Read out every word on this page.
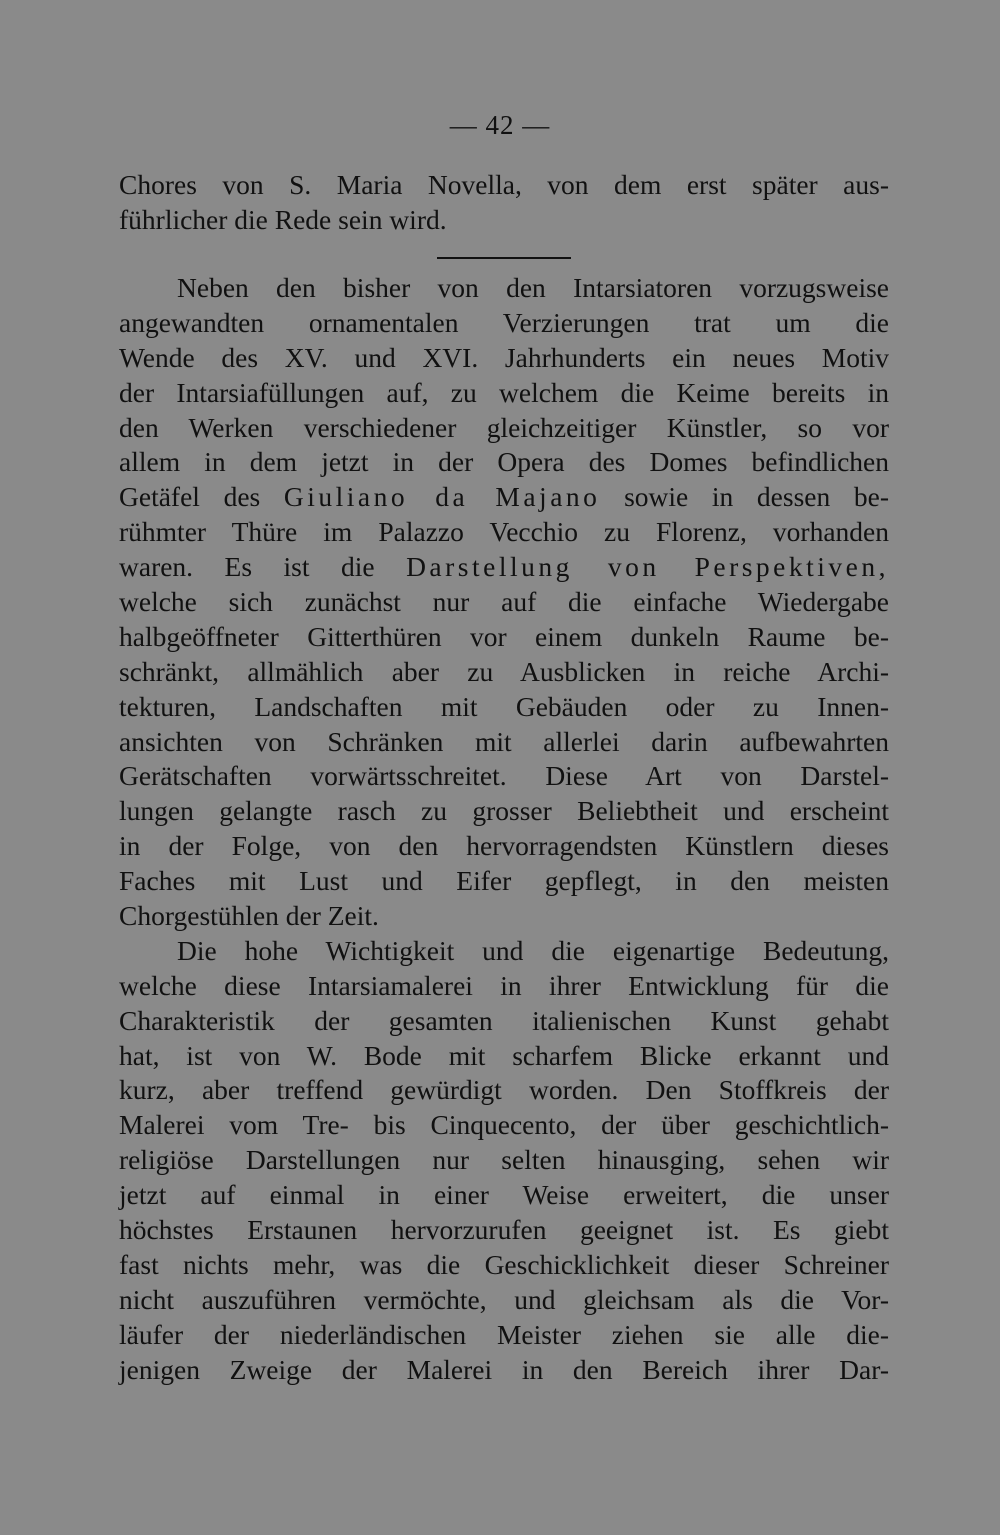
— 42 —
Chores von S. Maria Novella, von dem erst später aus-
führlicher die Rede sein wird.
Neben den bisher von den Intarsiatoren vorzugsweise
angewandten ornamentalen Verzierungen trat um die
Wende des XV. und XVI. Jahrhunderts ein neues Motiv
der Intarsiafüllungen auf, zu welchem die Keime bereits in
den Werken verschiedener gleichzeitiger Künstler, so vor
allem in dem jetzt in der Opera des Domes befindlichen
Getäfel des Giuliano da Majano sowie in dessen be-
rühmter Thüre im Palazzo Vecchio zu Florenz, vorhanden
waren. Es ist die Darstellung von Perspektiven,
welche sich zunächst nur auf die einfache Wiedergabe
halbgeöffneter Gitterthüren vor einem dunkeln Raume be-
schränkt, allmählich aber zu Ausblicken in reiche Archi-
tekturen, Landschaften mit Gebäuden oder zu Innen-
ansichten von Schränken mit allerlei darin aufbewahrten
Gerätschaften vorwärtsschreitet. Diese Art von Darstel-
lungen gelangte rasch zu grosser Beliebtheit und erscheint
in der Folge, von den hervorragendsten Künstlern dieses
Faches mit Lust und Eifer gepflegt, in den meisten
Chorgestühlen der Zeit.
Die hohe Wichtigkeit und die eigenartige Bedeutung,
welche diese Intarsiamalerei in ihrer Entwicklung für die
Charakteristik der gesamten italienischen Kunst gehabt
hat, ist von W. Bode mit scharfem Blicke erkannt und
kurz, aber treffend gewürdigt worden. Den Stoffkreis der
Malerei vom Tre- bis Cinquecento, der über geschichtlich-
religiöse Darstellungen nur selten hinausging, sehen wir
jetzt auf einmal in einer Weise erweitert, die unser
höchstes Erstaunen hervorzurufen geeignet ist. Es giebt
fast nichts mehr, was die Geschicklichkeit dieser Schreiner
nicht auszuführen vermöchte, und gleichsam als die Vor-
läufer der niederländischen Meister ziehen sie alle die-
jenigen Zweige der Malerei in den Bereich ihrer Dar-
